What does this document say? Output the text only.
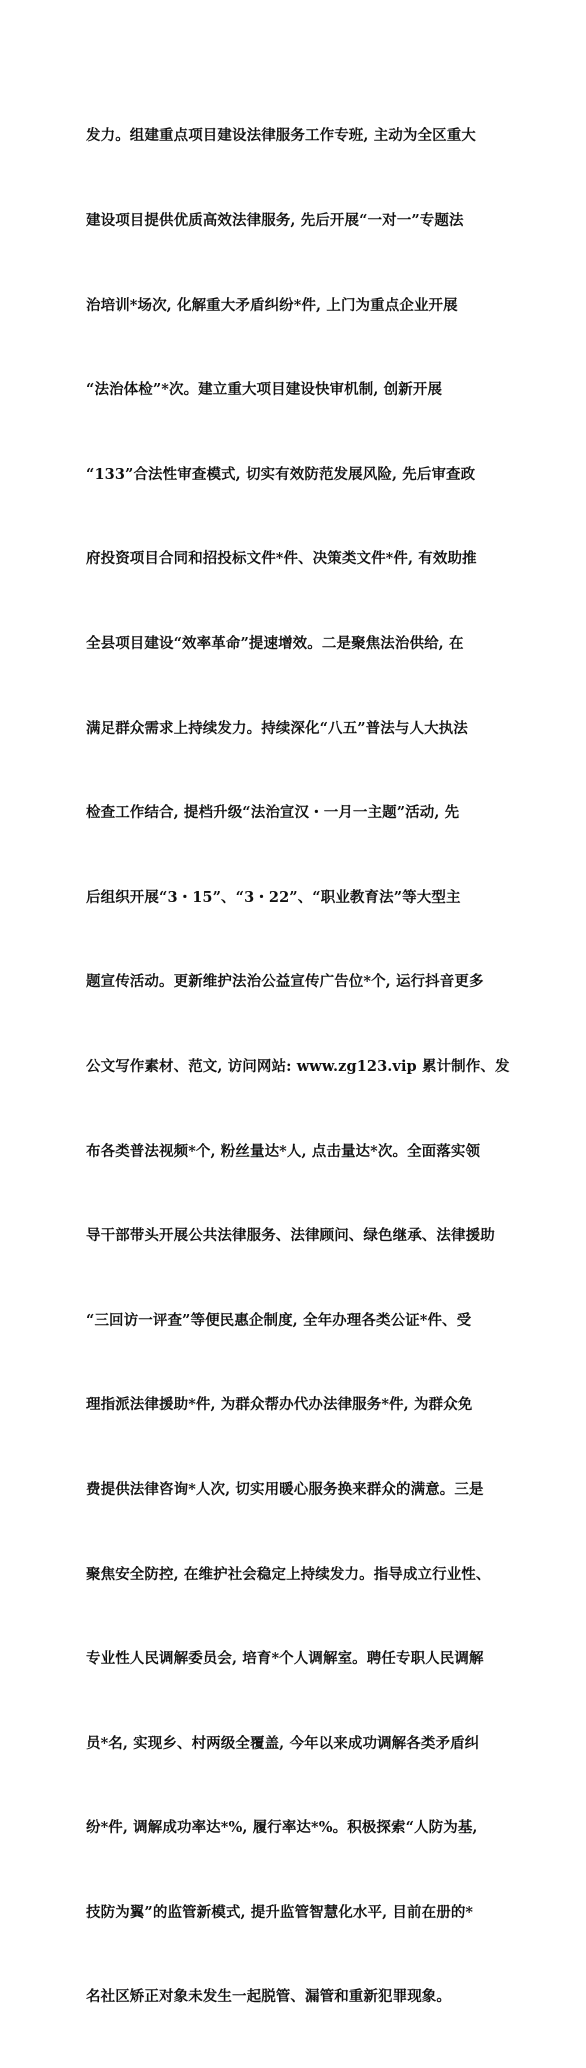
发力。组建重点项目建设法律服务工作专班, 主动为全区重大

建设项目提供优质高效法律服务, 先后开展“一对一”专题法

治培训*场次, 化解重大矛盾纠纷*件, 上门为重点企业开展

“法治体检”*次。建立重大项目建设快审机制, 创新开展

“133”合法性审查模式, 切实有效防范发展风险, 先后审查政

府投资项目合同和招投标文件*件、决策类文件*件, 有效助推

全县项目建设“效率革命”提速增效。二是聚焦法治供给, 在

满足群众需求上持续发力。持续深化“八五”普法与人大执法

检查工作结合, 提档升级“法治宣汉・一月一主题”活动, 先

后组织开展“3・15”、“3・22”、“职业教育法”等大型主

题宣传活动。更新维护法治公益宣传广告位*个, 运行抖音更多

公文写作素材、范文, 访问网站: www.zg123.vip 累计制作、发

布各类普法视频*个, 粉丝量达*人, 点击量达*次。全面落实领

导干部带头开展公共法律服务、法律顾问、绿色继承、法律援助

“三回访一评查”等便民惠企制度, 全年办理各类公证*件、受

理指派法律援助*件, 为群众帮办代办法律服务*件, 为群众免

费提供法律咨询*人次, 切实用暖心服务换来群众的满意。三是

聚焦安全防控, 在维护社会稳定上持续发力。指导成立行业性、

专业性人民调解委员会, 培育*个人调解室。聘任专职人民调解

员*名, 实现乡、村两级全覆盖, 今年以来成功调解各类矛盾纠

纷*件, 调解成功率达*%, 履行率达*%。积极探索“人防为基,

技防为翼”的监管新模式, 提升监管智慧化水平, 目前在册的*

名社区矫正对象未发生一起脱管、漏管和重新犯罪现象。
